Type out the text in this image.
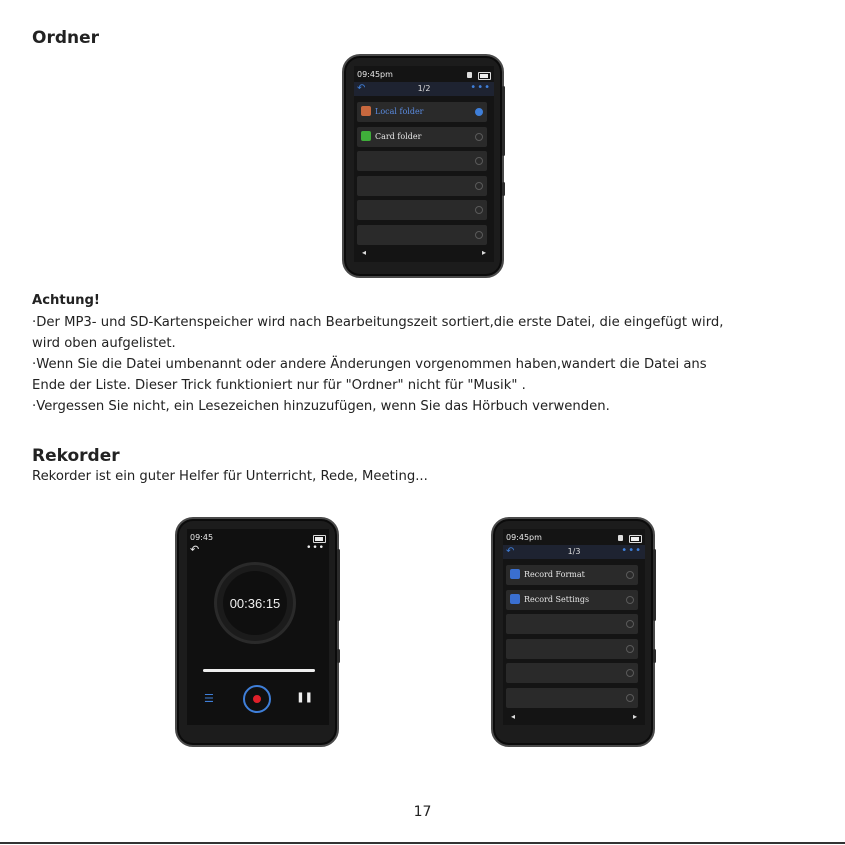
Ordner
09:45pm
↶	1/2	•••
Local folder
Card folder
◂	▸
Achtung!
·Der MP3- und SD-Kartenspeicher wird nach Bearbeitungszeit sortiert,die erste Datei, die eingefügt wird,
wird oben aufgelistet.
·Wenn Sie die Datei umbenannt oder andere Änderungen vorgenommen haben,wandert die Datei ans
Ende der Liste. Dieser Trick funktioniert nur für "Ordner" nicht für "Musik" .
·Vergessen Sie nicht, ein Lesezeichen hinzuzufügen, wenn Sie das Hörbuch verwenden.
Rekorder
Rekorder ist ein guter Helfer für Unterricht, Rede, Meeting...
09:45
↶	•••
00:36:15
☰	❚❚
09:45pm
↶	1/3	•••
Record Format
Record Settings
◂	▸
17
